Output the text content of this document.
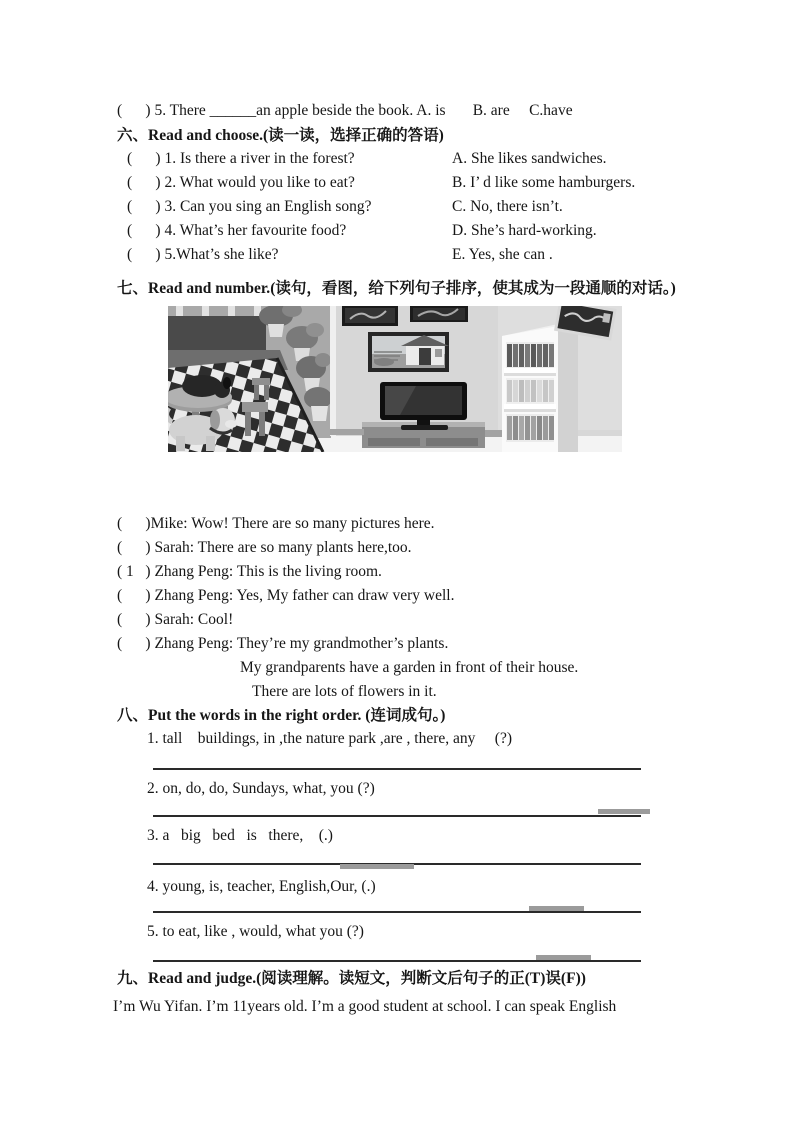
(      ) 5. There ______an apple beside the book. A. is       B. are     C.have
六、Read and choose.(读一读，选择正确的答语)
(      ) 1. Is there a river in the forest?	A. She likes sandwiches.
(      ) 2. What would you like to eat?	B. I’ d like some hamburgers.
(      ) 3. Can you sing an English song?	C. No, there isn’t.
(      ) 4. What’s her favourite food?	D. She’s hard-working.
(      ) 5.What’s she like?	E. Yes, she can .
七、Read and number.(读句，看图，给下列句子排序，使其成为一段通顺的对话。)
(      )Mike: Wow! There are so many pictures here.
(      ) Sarah: There are so many plants here,too.
( 1   ) Zhang Peng: This is the living room.
(      ) Zhang Peng: Yes, My father can draw very well.
(      ) Sarah: Cool!
(      ) Zhang Peng: They’re my grandmother’s plants.
My grandparents have a garden in front of their house.
There are lots of flowers in it.
八、Put the words in the right order. (连词成句。)
1. tall    buildings, in ,the nature park ,are , there, any     (?)
2. on, do, do, Sundays, what, you (?)
3. a   big   bed   is   there,    (.)
4. young, is, teacher, English,Our, (.)
5. to eat, like , would, what you (?)
九、Read and judge.(阅读理解。读短文，判断文后句子的正(T)误(F))
I’m Wu Yifan. I’m 11years old. I’m a good student at school. I can speak English
